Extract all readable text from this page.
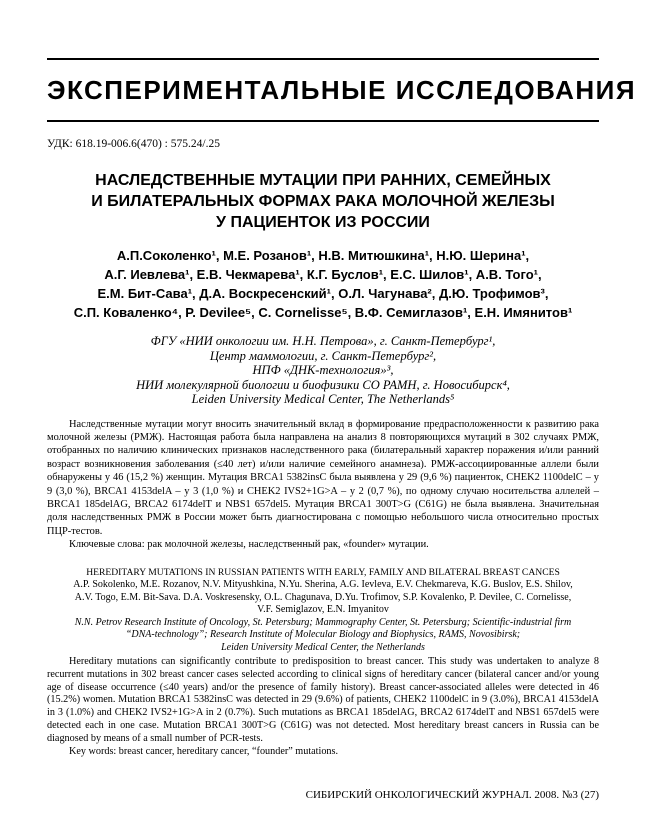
ЭКСПЕРИМЕНТАЛЬНЫЕ ИССЛЕДОВАНИЯ
УДК: 618.19-006.6(470) : 575.24/.25
НАСЛЕДСТВЕННЫЕ МУТАЦИИ ПРИ РАННИХ, СЕМЕЙНЫХ
И БИЛАТЕРАЛЬНЫХ ФОРМАХ РАКА МОЛОЧНОЙ ЖЕЛЕЗЫ
У ПАЦИЕНТОК ИЗ РОССИИ
А.П.Соколенко¹, М.Е. Розанов¹, Н.В. Митюшкина¹, Н.Ю. Шерина¹,
А.Г. Иевлева¹, Е.В. Чекмарева¹, К.Г. Буслов¹, Е.С. Шилов¹, А.В. Того¹,
Е.М. Бит-Сава¹, Д.А. Воскресенский¹, О.Л. Чагунава², Д.Ю. Трофимов³,
С.П. Коваленко⁴, P. Devilee⁵, C. Cornelisse⁵, В.Ф. Семиглазов¹, Е.Н. Имянитов¹
ФГУ «НИИ онкологии им. Н.Н. Петрова», г. Санкт-Петербург¹,
Центр маммологии, г. Санкт-Петербург²,
НПФ «ДНК-технология»³,
НИИ молекулярной биологии и биофизики СО РАМН, г. Новосибирск⁴,
Leiden University Medical Center, The Netherlands⁵

Наследственные мутации могут вносить значительный вклад в формирование предрасположенности к развитию рака молочной железы (РМЖ). Настоящая работа была направлена на анализ 8 повторяющихся мутаций в 302 случаях РМЖ, отобранных по наличию клинических признаков наследственного рака (билатеральный характер поражения и/или ранний возраст возникновения заболевания (≤40 лет) и/или наличие семейного анамнеза). РМЖ-ассоциированные аллели были обнаружены у 46 (15,2 %) женщин. Мутация BRCA1 5382insC была выявлена у 29 (9,6 %) пациенток, CHEK2 1100delC – у 9 (3,0 %), BRCA1 4153delA – у 3 (1,0 %) и CHEK2 IVS2+1G>A – у 2 (0,7 %), по одному случаю носительства аллелей –BRCA1 185delAG, BRCA2 6174delT и NBS1 657del5. Мутация BRCA1 300T>G (C61G) не была выявлена. Значительная доля наследственных РМЖ в России может быть диагностирована с помощью небольшого числа относительно простых ПЦР-тестов.

Ключевые слова: рак молочной железы, наследственный рак, «founder» мутации.

HEREDITARY MUTATIONS IN RUSSIAN PATIENTS WITH EARLY, FAMILY AND BILATERAL BREAST CANCES
A.P. Sokolenko, M.E. Rozanov, N.V. Mityushkina, N.Yu. Sherina, A.G. Ievleva, E.V. Chekmareva, K.G. Buslov, E.S. Shilov,
A.V. Togo, E.M. Bit-Sava. D.A. Voskresensky, O.L. Chagunava, D.Yu. Trofimov, S.P. Kovalenko, P. Devilee, C. Cornelisse,
V.F. Semiglazov, E.N. Imyanitov
N.N. Petrov Research Institute of Oncology, St. Petersburg; Mammography Center, St. Petersburg; Scientific-industrial firm
“DNA-technology”; Research Institute of Molecular Biology and Biophysics, RAMS, Novosibirsk;
Leiden University Medical Center, the Netherlands

Hereditary mutations can significantly contribute to predisposition to breast cancer. This study was undertaken to analyze 8 recurrent mutations in 302 breast cancer cases selected according to clinical signs of hereditary cancer (bilateral cancer and/or young age of disease occurrence (≤40 years) and/or the presence of family history). Breast cancer-associated alleles were detected in 46 (15.2%) women. Mutation BRCA1 5382insC was detected in 29 (9.6%) of patients, CHEK2 1100delC in 9 (3.0%), BRCA1 4153delA in 3 (1.0%) and CHEK2 IVS2+1G>A in 2 (0.7%). Such mutations as BRCA1 185delAG, BRCA2 6174delT and NBS1 657del5 were detected each in one case. Mutation BRCA1 300T>G (C61G) was not detected. Most hereditary breast cancers in Russia can be diagnosed by means of a small number of PCR-tests.

Key words: breast cancer, hereditary cancer, “founder” mutations.

СИБИРСКИЙ ОНКОЛОГИЧЕСКИЙ ЖУРНАЛ. 2008. №3 (27)
